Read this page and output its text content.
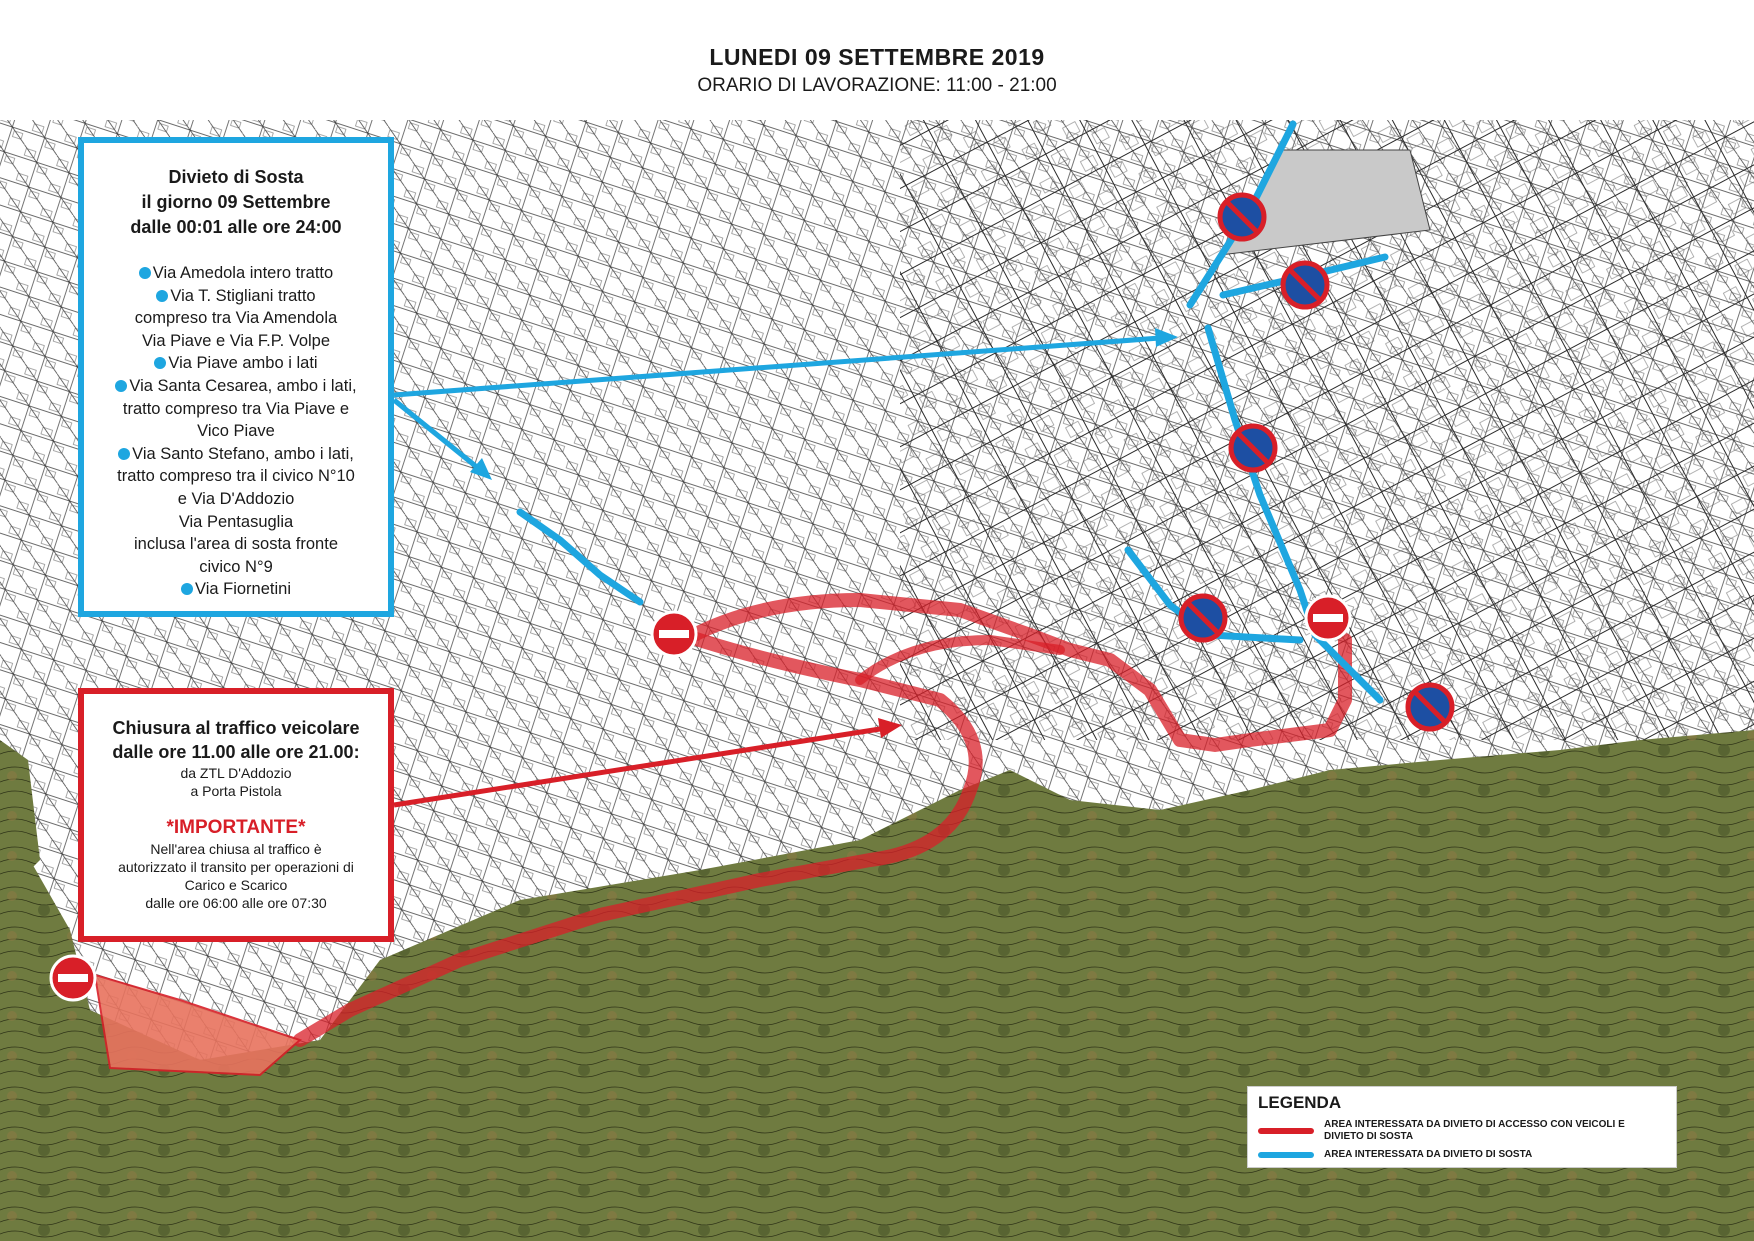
LUNEDI 09 SETTEMBRE 2019
ORARIO DI LAVORAZIONE: 11:00 - 21:00
Divieto di Sosta
il giorno 09 Settembre
dalle 00:01 alle ore 24:00
Via Amedola intero tratto
Via T. Stigliani tratto
compreso tra Via Amendola
Via Piave e Via F.P. Volpe
Via Piave ambo i lati
Via Santa Cesarea, ambo i lati,
tratto compreso tra Via Piave e
Vico Piave
Via Santo Stefano, ambo i lati,
tratto compreso tra il civico N°10
e Via D'Addozio
Via Pentasuglia
inclusa l'area di sosta fronte
civico N°9
Via Fiornetini
Chiusura al traffico veicolare
dalle ore 11.00 alle ore 21.00:
da ZTL D'Addozio
a Porta Pistola
*IMPORTANTE*
Nell'area chiusa al traffico è
autorizzato il transito per operazioni di
Carico e Scarico
dalle ore 06:00 alle ore 07:30
LEGENDA
AREA INTERESSATA DA DIVIETO DI ACCESSO CON VEICOLI E DIVIETO DI SOSTA
AREA INTERESSATA DA DIVIETO DI SOSTA
